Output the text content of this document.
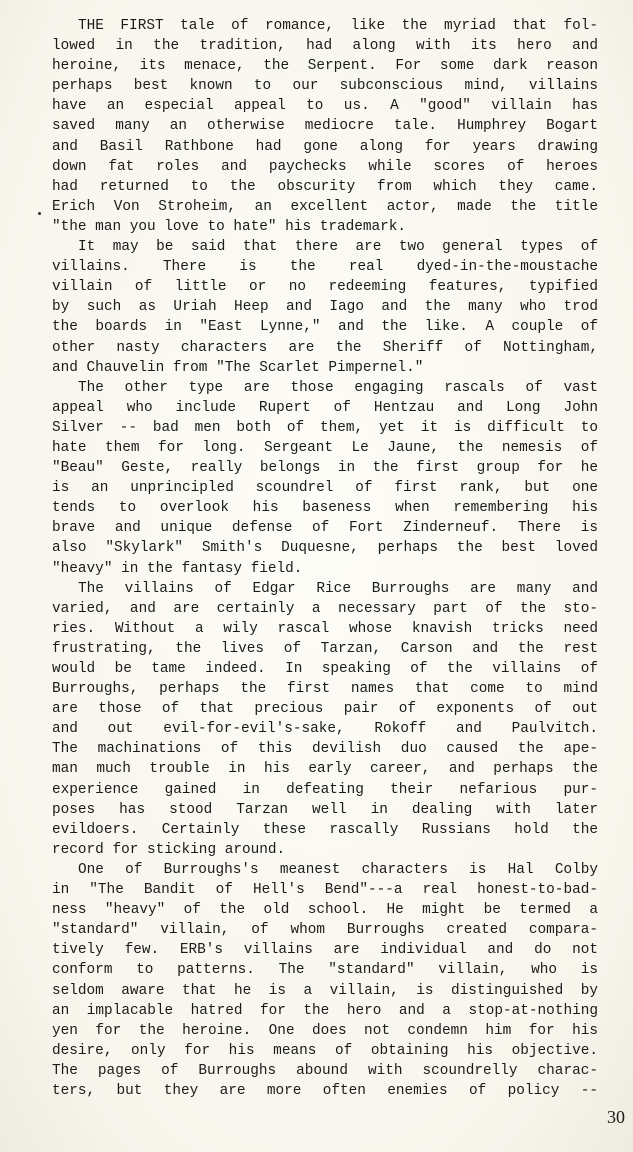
THE FIRST tale of romance, like the myriad that fol-
lowed in the tradition, had along with its hero and
heroine, its menace, the Serpent. For some dark reason
perhaps best known to our subconscious mind, villains
have an especial appeal to us. A "good" villain has
saved many an otherwise mediocre tale. Humphrey Bogart
and Basil Rathbone had gone along for years drawing
down fat roles and paychecks while scores of heroes
had returned to the obscurity from which they came.
Erich Von Stroheim, an excellent actor, made the title
"the man you love to hate" his trademark.
It may be said that there are two general types of
villains. There is the real dyed-in-the-moustache
villain of little or no redeeming features, typified
by such as Uriah Heep and Iago and the many who trod
the boards in "East Lynne," and the like. A couple of
other nasty characters are the Sheriff of Nottingham,
and Chauvelin from "The Scarlet Pimpernel."
The other type are those engaging rascals of vast
appeal who include Rupert of Hentzau and Long John
Silver -- bad men both of them, yet it is difficult to
hate them for long. Sergeant Le Jaune, the nemesis of
"Beau" Geste, really belongs in the first group for he
is an unprincipled scoundrel of first rank, but one
tends to overlook his baseness when remembering his
brave and unique defense of Fort Zinderneuf. There is
also "Skylark" Smith's Duquesne, perhaps the best loved
"heavy" in the fantasy field.
The villains of Edgar Rice Burroughs are many and
varied, and are certainly a necessary part of the sto-
ries. Without a wily rascal whose knavish tricks need
frustrating, the lives of Tarzan, Carson and the rest
would be tame indeed. In speaking of the villains of
Burroughs, perhaps the first names that come to mind
are those of that precious pair of exponents of out
and out evil-for-evil's-sake, Rokoff and Paulvitch.
The machinations of this devilish duo caused the ape-
man much trouble in his early career, and perhaps the
experience gained in defeating their nefarious pur-
poses has stood Tarzan well in dealing with later
evildoers. Certainly these rascally Russians hold the
record for sticking around.
One of Burroughs's meanest characters is Hal Colby
in "The Bandit of Hell's Bend"---a real honest-to-bad-
ness "heavy" of the old school. He might be termed a
"standard" villain, of whom Burroughs created compara-
tively few. ERB's villains are individual and do not
conform to patterns. The "standard" villain, who is
seldom aware that he is a villain, is distinguished by
an implacable hatred for the hero and a stop-at-nothing
yen for the heroine. One does not condemn him for his
desire, only for his means of obtaining his objective.
The pages of Burroughs abound with scoundrelly charac-
ters, but they are more often enemies of policy --
30
